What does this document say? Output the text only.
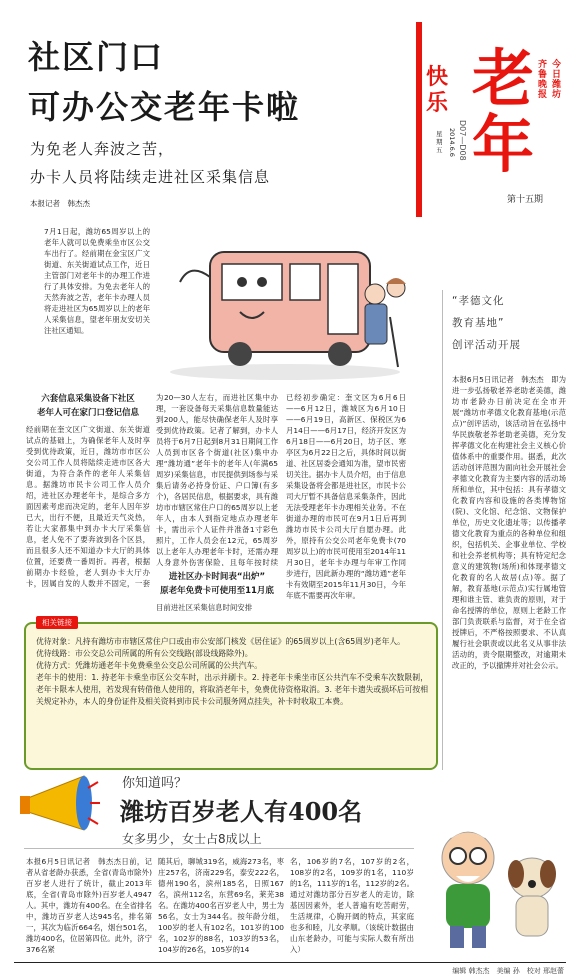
社区门口
可办公交老年卡啦
为免老人奔波之苦，
办卡人员将陆续走进社区采集信息
本报记者　韩杰杰
快乐 老年
齐鲁晚报
今日潍坊
星期五 2014.6.6 D07—D08
第十五期
7月1日起，潍坊65周岁以上的老年人就可以免费乘坐市区公交车出行了。经前期在金宝区广文街道、东关街道试点工作，近日主管部门对老年卡的办理工作进行了具体安排。为免去老年人的天然奔波之苦，老年卡办理人员将走进社区为65周岁以上的老年人采集信息，望老年朋友安切关注社区通知。
六套信息采集设备下社区
老年人可在家门口登记信息
经前期在奎文区广文街道、东关街道试点的基础上，为确保老年人及时享受到优待政策，近日，潍坊市市区公交公司工作人员将陆续走进市区各大街道，为符合条件的老年人采集信息。据潍坊市民卡公司工作人员介绍，进社区办理老年卡，是综合多方面因素考虑而决定的，老年人因年岁已大，出行不便，且最近天气炎热，若让大家都集中到办卡大厅采集信息，老人免不了要奔波到各个区县，而且很多人还不知道办卡大厅的具体位置，还要费一番周折。再者，根据前期办卡经验，老人到办卡大厅办卡，因属自发的人数并不固定，一套
为20—30人左右，而进社区集中办理，一套设备每天采集信息数量能达到200人，能尽快确保老年人及时享受到优待政策。记者了解到，办卡人员将于6月7日起到8月31日期间工作人员到市区各个街道(社区)集中办理“潍坊通”老年卡的老年人(年满65周岁)采集信息，市民提供到场参与采集后请务必持身份证、户口簿(有多个)，各居民信息，根据要求，具有潍坊市市辖区常住户口的65周岁以上老年人，由本人到指定地点办理老年卡，需出示个人证件并准备1寸彩色照片，工作人员会在12元，65周岁以上老年人办理老年卡时，还需办理人身意外伤害保险，且每年按时续
进社区办卡时间表“出炉”
原老年免费卡可使用至11月底
目前进社区采集信息时间安排
已经初步确定：奎文区为6月6日——6月12日，潍城区为6月10日——6月19日，高新区、保税区为6月14日——6月17日，经济开发区为6月18日——6月20日，坊子区、寒亭区为6月22日之后，具体时间以街道、社区居委会通知为准，望市民密切关注。据办卡人员介绍，由于信息采集设备将会都是进社区，市民卡公司大厅暂不具备信息采集条件，因此无法受理老年卡办理相关业务。不在街道办理的市民可在9月1日后再到潍坊市民卡公司大厅自愿办理。此外，原持有公交公司老年免费卡(70周岁以上)的市民可使用至2014年11月30日，老年卡办理与年审工作同步进行，因此新办理的“潍坊通”老年卡有效期至2015年11月30日，今年年底不需要再次年审。
“孝德文化
教育基地”
创评活动开展
本报6月5日讯记者　韩杰杰　即为进一步弘扬敬老养老助老美德，潍坊市老龄办日前决定在全市开展“潍坊市孝德文化教育基地(示范点)”创评活动，该活动旨在弘扬中华民族敬老养老助老美德，充分发挥孝德文化在构建社会主义核心价值体系中的重要作用。据悉，此次活动创评范围为面向社会开展社会孝德文化教育为主要内容的活动场所和单位，其中包括：具有孝德文化教育内容和设施的各类博物馆(院)、文化馆、纪念馆、文物保护单位，历史文化遗址等；以传播孝德文化教育为重点的各种单位和组织，包括机关、企事业单位、学校和社会养老机构等；具有特定纪念意义的建筑物(场所)和体现孝德文化教育的名人故居(点)等。据了解，教育基地(示范点)实行属地管理和谁主管、谁负责的原则，对于命名授牌的单位，原则上老龄工作部门负责联系与监督，对于在全省授牌后，不严格按照要求、不认真履行社会职责或以此名义从事非法活动的，责令限期整改，对逾期未改正的，予以撤牌并对社会公示。
相关链接

优待对象：凡持有潍坊市市辖区常住户口或由市公安部门核发《居住证》的65周岁以上(含65周岁)老年人。

优待线路：市公交总公司所属的所有公交线路(部设线路除外)。

优待方式：凭潍坊通老年卡免费乘坐公交总公司所属的公共汽车。

老年卡的使用：1. 持老年卡乘坐市区公交车时，出示并刷卡。2. 持老年卡乘坐市区公共汽车不受乘车次数限制，老年卡限本人使用，若发现有转借他人使用的，将取消老年卡，免费优待资格取消。3. 老年卡遗失或损坏后可按相关规定补办，本人的身份证件及相关资料到市民卡公司服务网点挂失，补卡时收取工本费。

你知道吗？
潍坊百岁老人有400名
女多男少，女士占8成以上
本报6月5日讯记者　韩杰杰日前，记者从省老龄办获悉，全省(青岛市除外)百岁老人进行了统计，截止2013年底，全省(青岛市除外)百岁老人4947人。其中，潍坊有400名。在全省排名中，潍坊百岁老人达945名，排名第一，其次为临沂664名，烟台501名，潍坊400名，位居第四位。此外，济宁376名紧
随其后，聊城319名，威海273名，枣庄257名，济南229名，泰安222名，德州190名，滨州185名，日照167名，滨州112名，东营69名，莱芜38名。在潍坊400名百岁老人中，男士为56名，女士为344名。按年龄分组，100岁的老人有102名，101岁的100名，102岁的88名，103岁的53名，104岁的26名，105岁的14
名，106岁的7名，107岁的2名，108岁的2名，109岁的1名，110岁的1名，111岁的1名，112岁的2名。通过对潍坊部分百岁老人的走访，除基因因素外，老人普遍有吃苦耐劳，生活规律，心胸开阔的特点，其家庭也多和睦，儿女孝顺。（该统计数据由山东老龄办，可能与实际人数有所出入）
编辑 韩杰杰　美编 孙　校对 邢赵蕾
